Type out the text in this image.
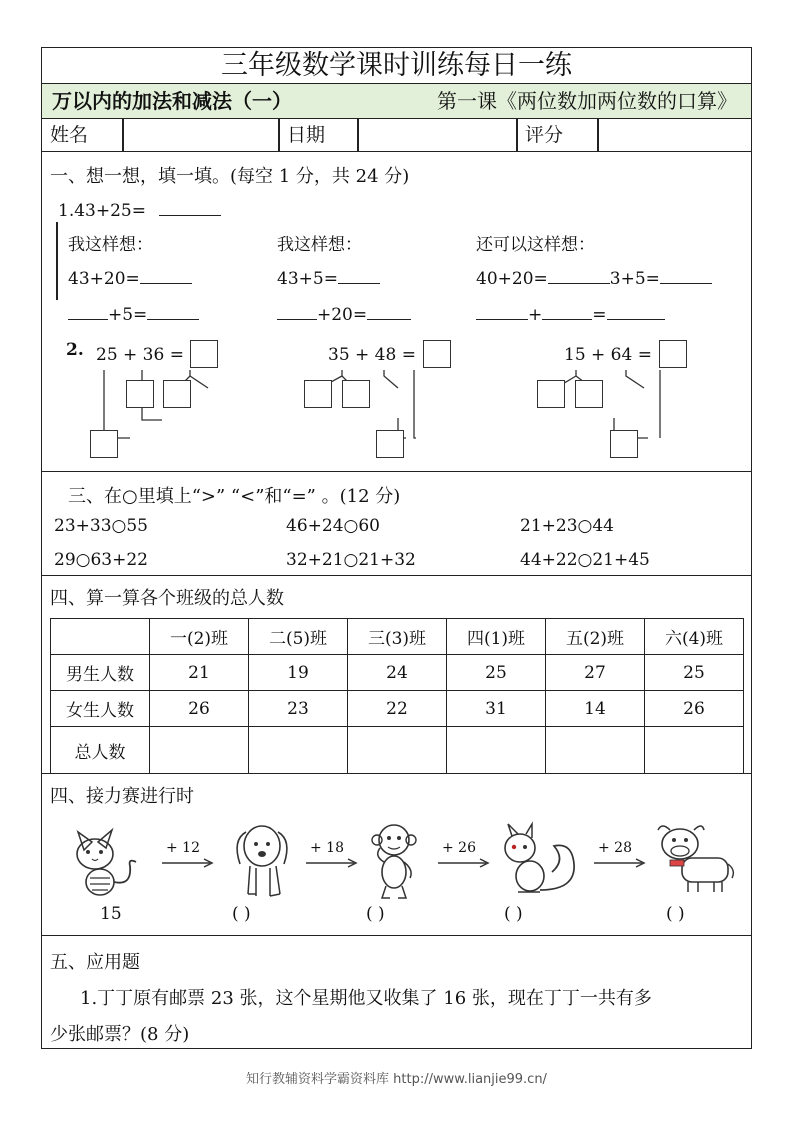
三年级数学课时训练每日一练
万以内的加法和减法（一）	第一课《两位数加两位数的口算》
姓名	日期	评分
一、想一想，填一填。(每空 1 分，共 24 分)
1.43+25=
我这样想：
43+20=
+5=
我这样想：
43+5=
+20=
还可以这样想：
40+20=	3+5=
+	=
2. 25 + 36 =	35 + 48 =	15 + 64 =
三、在○里填上“>” “<”和“=” 。(12 分)
23+33○55	46+24○60	21+23○44
29○63+22	32+21○21+32	44+22○21+45
四、算一算各个班级的总人数
	一(2)班	二(5)班	三(3)班	四(1)班	五(2)班	六(4)班
男生人数	21	19	24	25	27	25
女生人数	26	23	22	31	14	26
总人数						
四、接力赛进行时
15
+ 12
( )
+ 18
( )
+ 26
( )
+ 28
( )
五、应用题
1.丁丁原有邮票 23 张，这个星期他又收集了 16 张，现在丁丁一共有多
少张邮票？(8 分)
知行教辅资料学霸资料库 http://www.lianjie99.cn/
